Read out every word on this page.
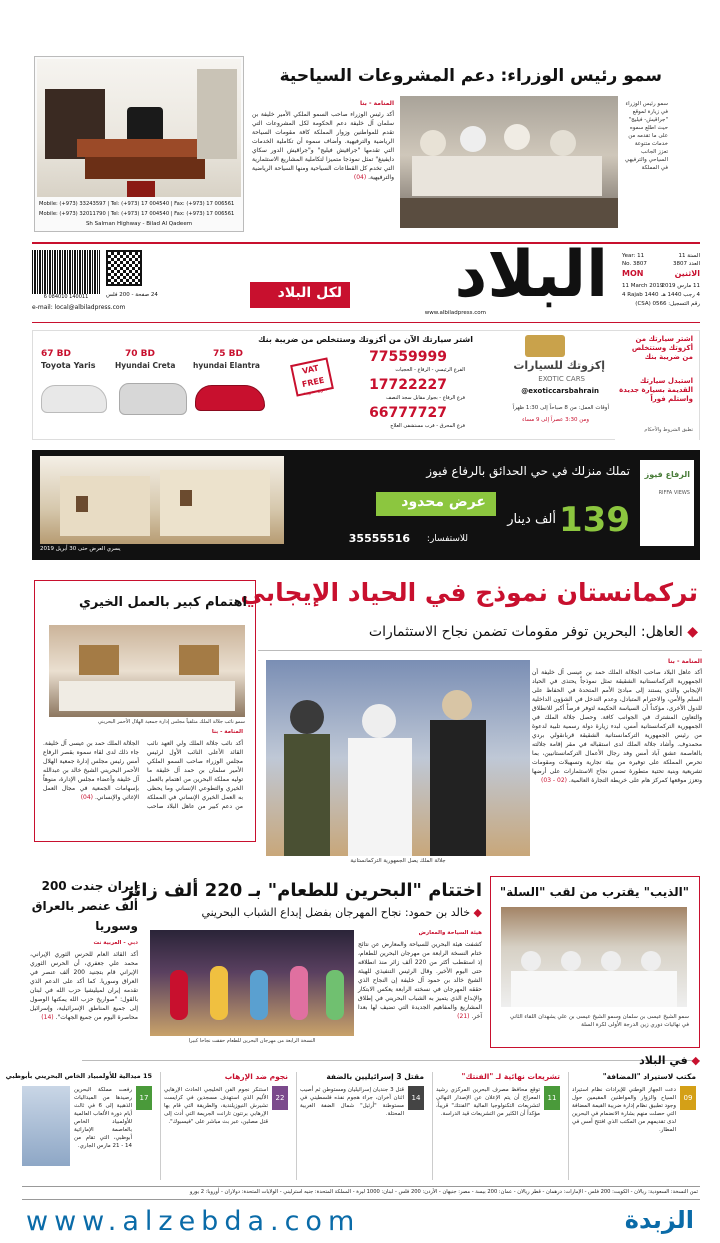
سمو رئيس الوزراء: دعم المشروعات السياحية
سمو رئيس الوزراء في زيارة لموقع "جراقيش- فيليج" حيث اطلع سموه على ما تقدمه من خدمات متنوعة تعزز الجانب السياحي والترفيهي في المملكة
المنامة - بنا
أكد رئيس الوزراء صاحب السمو الملكي الأمير خليفة بن سلمان آل خليفة دعم الحكومة لكل المشروعات التي تقدم للمواطنين وزوار المملكة كافة مقومات السياحة الرياضية والترفيهية. وأضاف سموه أن تكاملية الخدمات التي تقدمها "جراقيش فيليج" و"جراقيش الدور سكاي دايفينغ" تمثل نموذجا متميزا لتكاملية المشاريع الاستثمارية التي تخدم كل القطاعات السياحية ومنها السياحة الرياضية والترفيهية. (04)
Mobile: (+973) 33243597 | Tel: (+973) 17 004540 | Fax: (+973) 17 006561
Mobile: (+973) 32011790 | Tel: (+973) 17 004540 | Fax: (+973) 17 006561
Sh Salman Highway - Bilad Al Qadeem
السنة 11
Year: 11
العدد 3807
No. 3807
الاثنين
MON
11 مارس 2019
11 March 2019
4 رجب 1440 هـ
4 Rajab 1440
رقم التسجيل: 0566 (CSA)
البلاد
www.albiladpress.com
لكل البلاد
6 084010 140011	24 صفحة - 200 فلس
e-mail: local@albiladpress.com
اشتر سيارتك من أكزوتك وستتخلص من ضريبة بنك
استبدل سيارتك القديمة بسيارة جديدة واستلم فوراً
تطبق الشروط والأحكام
إكزوتك للسيارات
EXOTIC CARS
@exoticcarsbahrain
أوقات العمل: من 8 صباحاً إلى 1:30 ظهراً
ومن 3:30 عصراً إلى 9 مساء
اشتر سيارتك الآن من أكزوتك وستتخلص من ضريبة بنك
77559999
الفرع الرئيسي - الرفاع - الحجيات
17722227
فرع الرفاع - بجوار مقابل سجد النصف
66777727
فرع المحرق - قرب مستشفى العلاج
VAT FREE
بدون ضريبة
67 BD
Toyota Yaris
70 BD
Hyundai Creta
75 BD
hyundai Elantra
الرفاع فيوز
RIFFA VIEWS
تملك منزلك في حي الحدائق بالرفاع فيوز
عرض محدود 139
ألف دينار
للاستفسار:
35555516
يسري العرض حتى 30 أبريل 2019
تركمانستان نموذج في الحياد الإيجابي
◆ العاهل: البحرين توفر مقومات تضمن نجاح الاستثمارات
المنامة - بنا
أكد عاهل البلاد صاحب الجلالة الملك حمد بن عيسى آل خليفة أن الجمهورية التركمانستانية الشقيقة تمثل نموذجاً يحتذى في الحياد الإيجابي والذي يستند إلى مبادئ الأمم المتحدة في الحفاظ على السلم والأمن، والاحترام المتبادل، وعدم التدخل في الشؤون الداخلية للدول الأخرى، مؤكداً أن السياسة الحكيمة لتوفر فرصاً أكبر للانطلاق والتعاون المشترك في الجوانب كافة. وحصل جلالة الملك في الجمهورية التركمانستانية أمس، لبدء زيارة دولة رسمية تلبية لدعوة من رئيس الجمهورية التركمانستانية الشقيقة قربانقولي بردي محمدوف. وأشاد جلالة الملك لدى استقباله في مقر إقامة جلالته بالعاصمة عشق آباد أمس وفد رجال الأعمال التركمانستانيين، بما تحرص المملكة على توفيره من بيئة تجارية وتسهيلات ومقومات تشريعية وبنية تحتية متطورة تضمن نجاح الاستثمارات على أرضها وتعزز موقعها كمركز هام على خريطة التجارة العالمية. (02 - 03)
جلالة الملك يصل الجمهورية التركمانستانية
اهتمام كبير بالعمل الخيري
سمو نائب جلالة الملك متلقياً مجلس إدارة جمعية الهلال الأحمر البحريني
المنامة - بنا
أكد نائب جلالة الملك ولي العهد نائب القائد الأعلى النائب الأول لرئيس مجلس الوزراء صاحب السمو الملكي الأمير سلمان بن حمد آل خليفة ما توليه مملكة البحرين من اهتمام بالعمل الخيري والتطوعي الإنساني وما يحظى به العمل الخيري الإنساني في المملكة من دعم كبير من عاهل البلاد صاحب الجلالة الملك حمد بن عيسى آل خليفة. جاء ذلك لدى لقاء سموه بقصر الرفاع أمس رئيس مجلس إدارة جمعية الهلال الأحمر البحريني الشيخ خالد بن عبدالله آل خليفة وأعضاء مجلس الإدارة، منوهاً بإسهامات الجمعية في مجال العمل الإغاثي والإنساني. (04)
"الذيب" يقترب من لقب "السلة"
سمو الشيخ عيسى بن سلمان وسمو الشيخ عيسى بن علي يشهدان اللقاء الثاني في نهائيات دوري زين الدرجة الأولى لكرة السلة
اختتام "البحرين للطعام" بـ 220 ألف زائر
◆ خالد بن حمود: نجاح المهرجان بفضل إبداع الشباب البحريني
هيئة السياحة والمعارض
كشفت هيئة البحرين للسياحة والمعارض عن نتائج ختام النسخة الرابعة من مهرجان البحرين للطعام، إذ استقطب أكثر من 220 ألف زائر منذ انطلاقه حتى اليوم الأخير. وقال الرئيس التنفيذي للهيئة الشيخ خالد بن حمود آل خليفة إن النجاح الذي حققه المهرجان في نسخته الرابعة يعكس الابتكار والإبداع الذي يتميز به الشباب البحريني في إطلاق المشاريع والمفاهيم الجديدة التي تضيف لها بعدا آخر. (21)
النسخة الرابعة من مهرجان البحرين للطعام حققت نجاحا كبيرا
إيران جندت 200 ألف عنصر بالعراق وسوريا
دبي - العربية نت
أكد القائد العام للحرس الثوري الإيراني، محمد علي جعفري، أن الحرس الثوري الإيراني قام بتجنيد 200 ألف عنصر في العراق وسوريا. كما أكد على الدعم الذي تقدمه إيران لميليشيا حزب الله في لبنان بالقول: "صواريخ حزب الله يمكنها الوصول إلى جميع المناطق الإسرائيلية، وإسرائيل محاصرة اليوم من جميع الجهات". (14)
◆ في البلاد
مكتب لاستيراد "المضافة"
09
دعت الجهاز الوطني للإيرادات نظام استيراد السياح والزوار والمواطنين المقيمين حول وجود تطبيق نظام إدارة ضريبة القيمة المضافة التي حصلت منهم بشارة الانضمام في البحرين لدى تقديمهم من المكتب الذي افتتح أمس في المطار.
تشريعات نهائية لـ "الفنتك"
11
توقع محافظ مصرف البحرين المركزي رشيد المعراج أن يتم الإعلان عن الإصدار النهائي لتشريعات التكنولوجيا المالية "الفنتك" قريباً، مؤكداً أن الكثير من التشريعات قيد الدراسة.
مقتل 3 إسرائيليين بالضفة
14
قتل 3 جنديان إسرائيليان ومستوطن ثم أصيب اثنان آخران، جراء هجوم نفذه فلسطيني في مستوطنة "أرئيل" شمال الضفة الغربية المحتلة.
نجوم ضد الإرهاب
22
استنكر نجوم الفن الخليجي الحادث الإرهابي الأليم الذي استهدف مسجدين في كرايست تشيرش النيوزيلندية، والطريقة التي قام بها الإرهابي برنتون تارانت الجريمة التي أدت إلى قتل مصلين، عبر بث مباشر على "فيسبوك".
15 ميدالية للأولمبياد الخاص البحريني بأبوظبي
17
رفعت مملكة البحرين رصيدها من الميداليات الذهبية إلى 6 في ثالث أيام دورة الألعاب العالمية للأولمبياد الخاص بالعاصمة الإماراتية أبوظبي، التي تقام من 14 - 21 مارس الجاري.
ثمن النسخة: السعودية: ريالان - الكويت: 200 فلس - الإمارات: درهمان - قطر ريالان - عمان: 200 بيسة - مصر: جنيهان - الأردن: 200 فلس - لبنان: 1000 ليرة - المملكة المتحدة: جنيه استرليني - الولايات المتحدة: دولاران - أوروبا: 2 يورو
www.alzebda.com	الزبدة
